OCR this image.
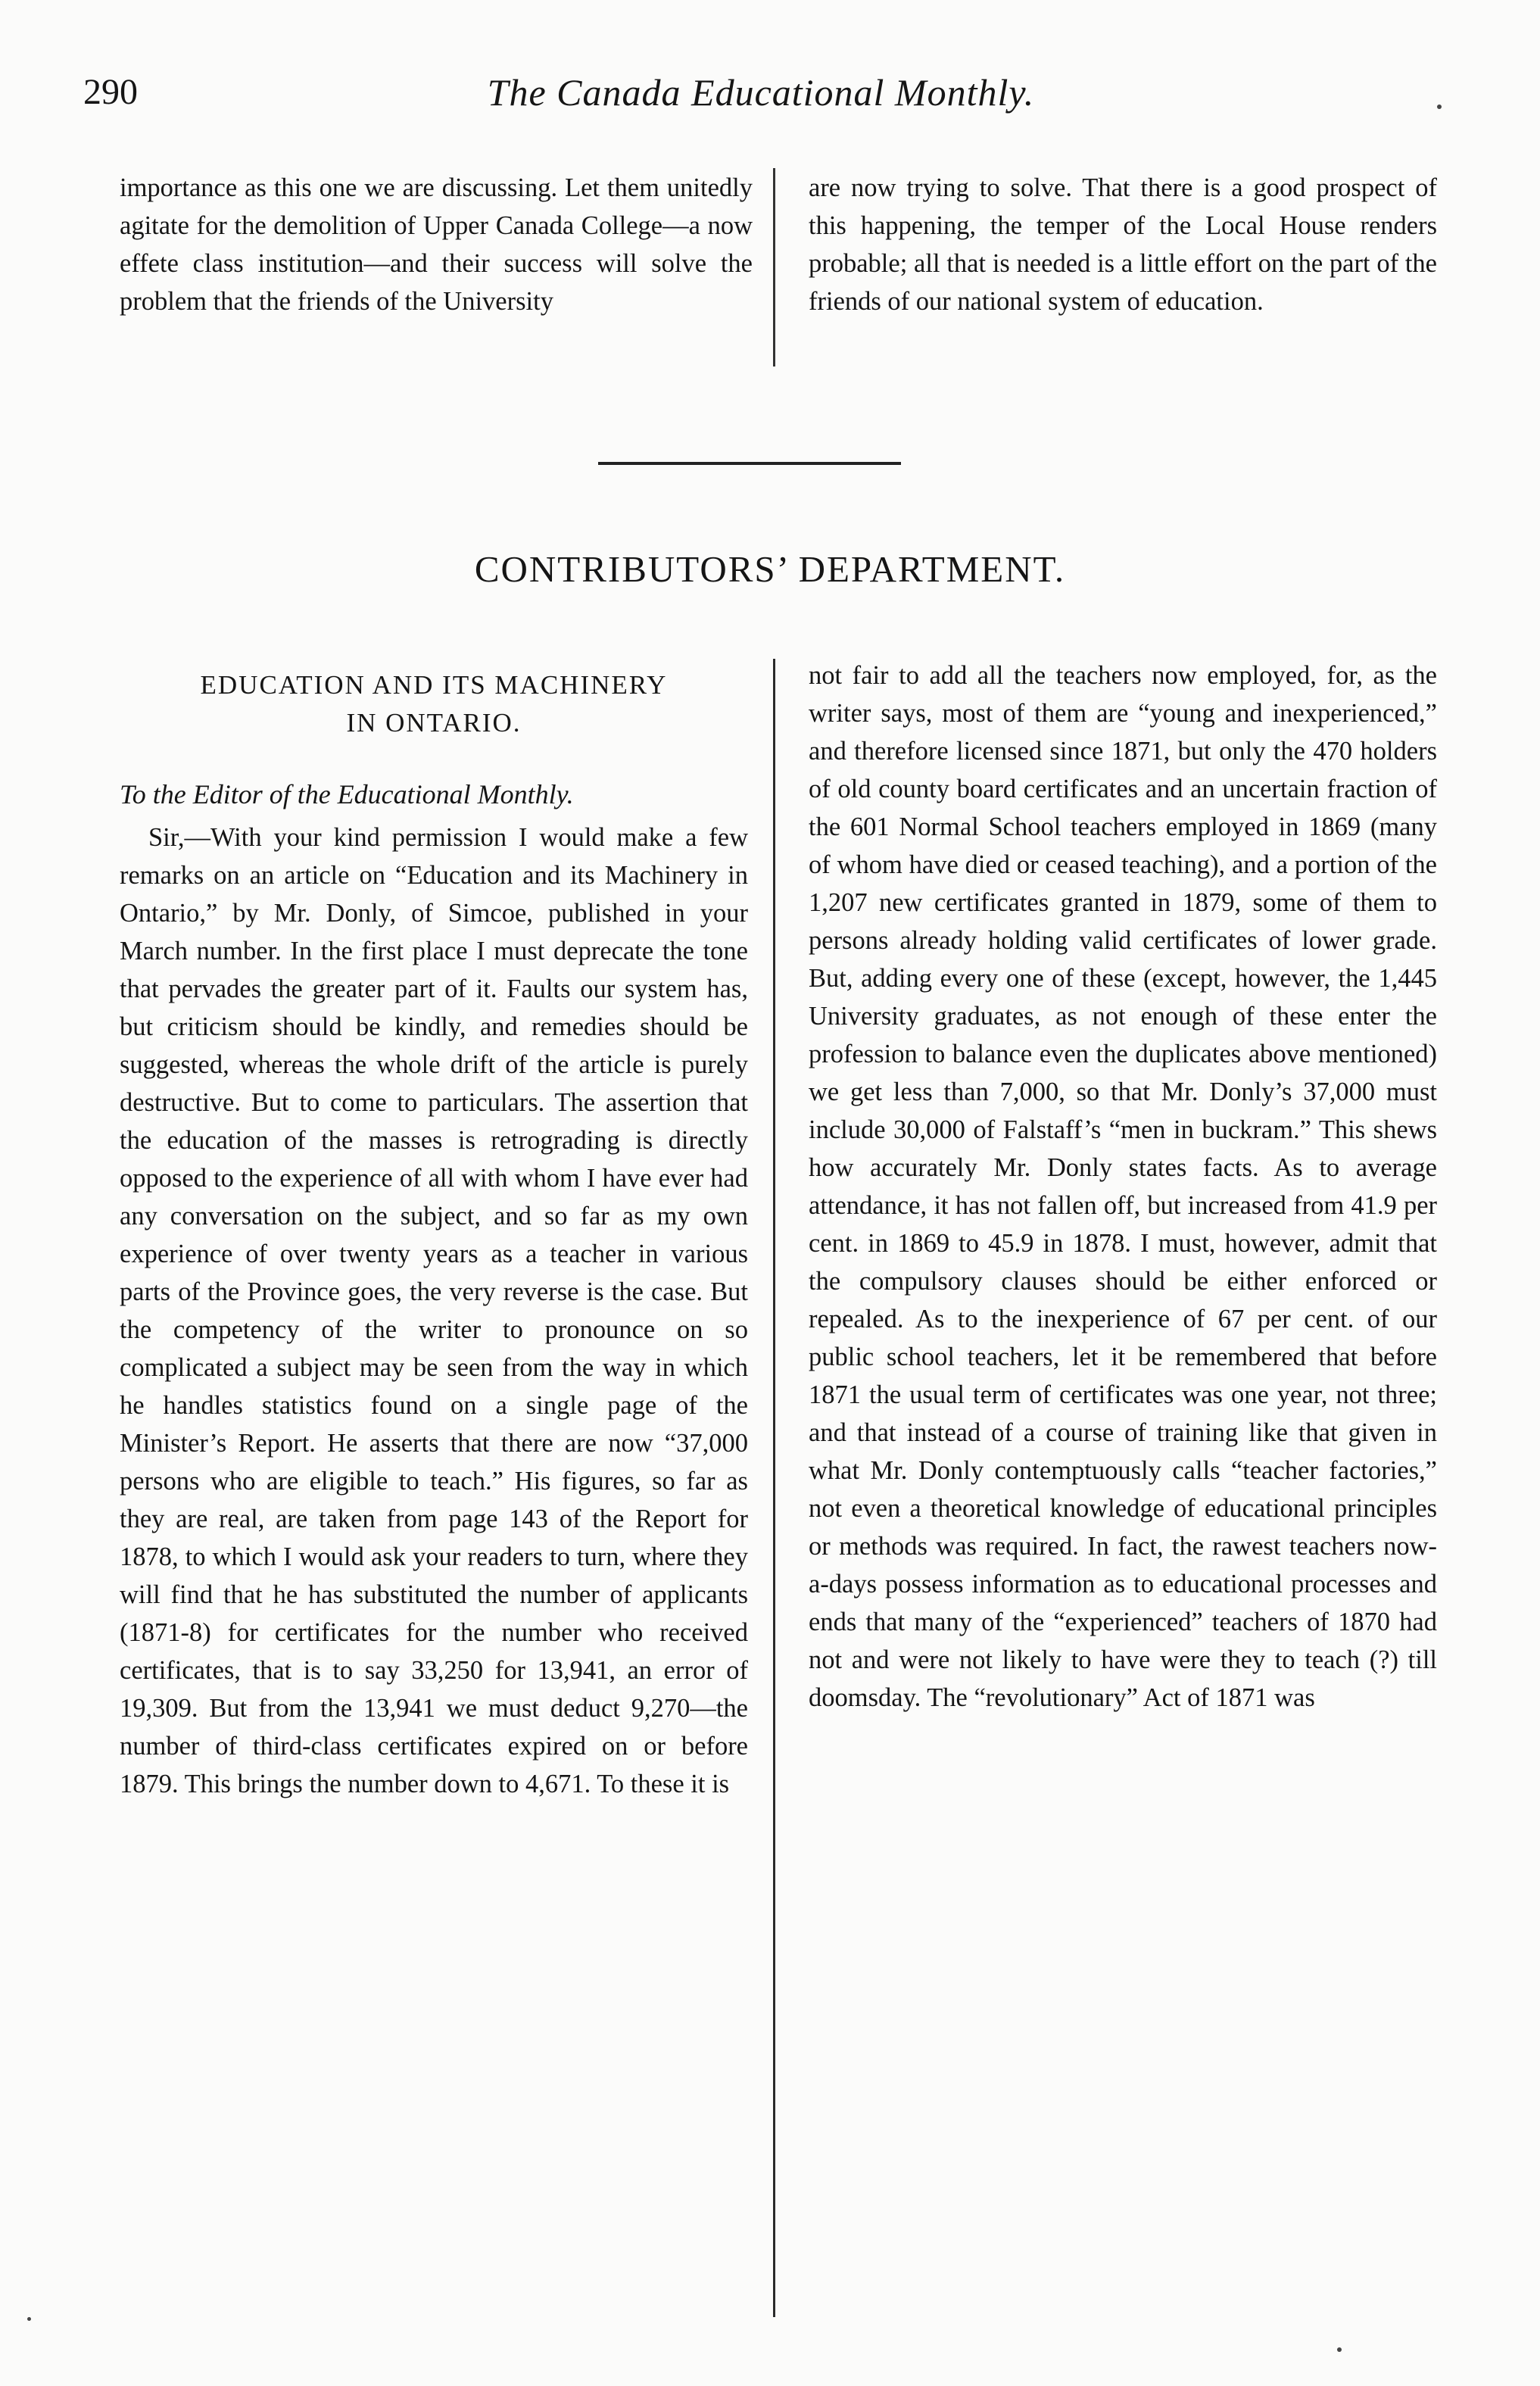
290	The Canada Educational Monthly.

importance as this one we are discussing. Let them unitedly agitate for the demolition of Upper Canada College—a now effete class institution—and their success will solve the problem that the friends of the University

are now trying to solve. That there is a good prospect of this happening, the temper of the Local House renders probable; all that is needed is a little effort on the part of the friends of our national system of education.

CONTRIBUTORS’ DEPARTMENT.
EDUCATION AND ITS MACHINERY
IN ONTARIO.
To the Editor of the Educational Monthly.

Sir,—With your kind permission I would make a few remarks on an article on “Education and its Machinery in Ontario,” by Mr. Donly, of Simcoe, published in your March number. In the first place I must deprecate the tone that pervades the greater part of it. Faults our system has, but criticism should be kindly, and remedies should be suggested, whereas the whole drift of the article is purely destructive. But to come to particulars. The assertion that the education of the masses is retrograding is directly opposed to the experience of all with whom I have ever had any conversation on the subject, and so far as my own experience of over twenty years as a teacher in various parts of the Province goes, the very reverse is the case. But the competency of the writer to pronounce on so complicated a subject may be seen from the way in which he handles statistics found on a single page of the Minister’s Report. He asserts that there are now “37,000 persons who are eligible to teach.” His figures, so far as they are real, are taken from page 143 of the Report for 1878, to which I would ask your readers to turn, where they will find that he has substituted the number of applicants (1871-8) for certificates for the number who received certificates, that is to say 33,250 for 13,941, an error of 19,309. But from the 13,941 we must deduct 9,270—the number of third-class certificates expired on or before 1879. This brings the number down to 4,671. To these it is

not fair to add all the teachers now employed, for, as the writer says, most of them are “young and inexperienced,” and therefore licensed since 1871, but only the 470 holders of old county board certificates and an uncertain fraction of the 601 Normal School teachers employed in 1869 (many of whom have died or ceased teaching), and a portion of the 1,207 new certificates granted in 1879, some of them to persons already holding valid certificates of lower grade. But, adding every one of these (except, however, the 1,445 University graduates, as not enough of these enter the profession to balance even the duplicates above mentioned) we get less than 7,000, so that Mr. Donly’s 37,000 must include 30,000 of Falstaff’s “men in buckram.” This shews how accurately Mr. Donly states facts. As to average attendance, it has not fallen off, but increased from 41.9 per cent. in 1869 to 45.9 in 1878. I must, however, admit that the compulsory clauses should be either enforced or repealed. As to the inexperience of 67 per cent. of our public school teachers, let it be remembered that before 1871 the usual term of certificates was one year, not three; and that instead of a course of training like that given in what Mr. Donly contemptuously calls “teacher factories,” not even a theoretical knowledge of educational principles or methods was required. In fact, the rawest teachers now-a-days possess information as to educational processes and ends that many of the “experienced” teachers of 1870 had not and were not likely to have were they to teach (?) till doomsday. The “revolutionary” Act of 1871 was
